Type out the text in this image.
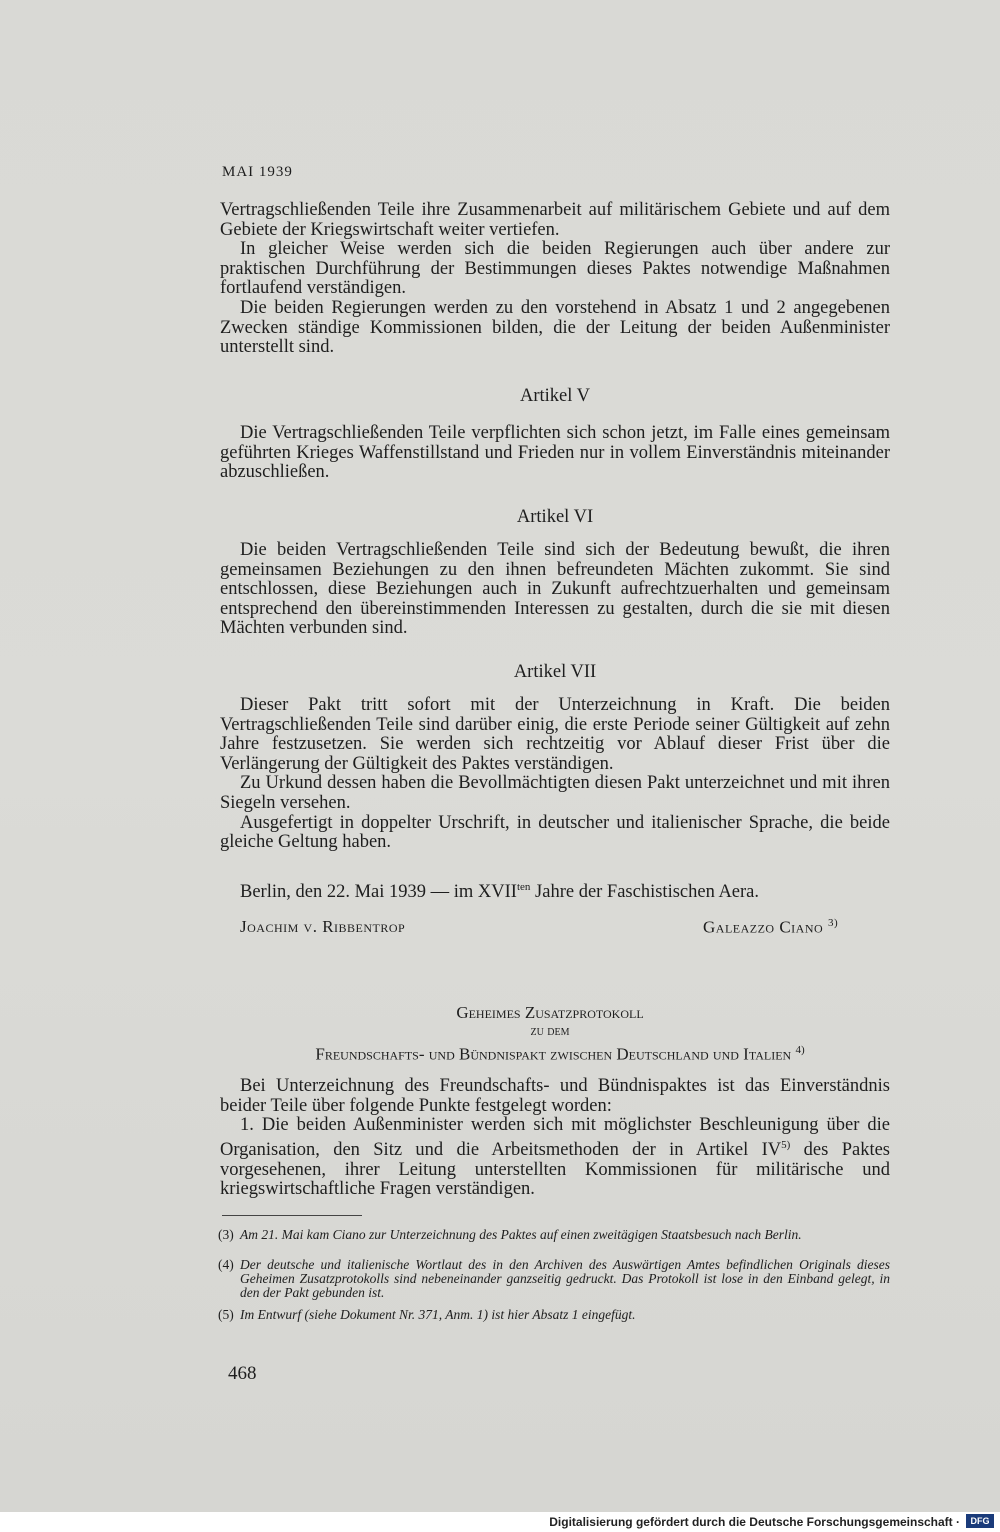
MAI 1939

Vertragschließenden Teile ihre Zusammenarbeit auf militärischem Gebiete und auf dem Gebiete der Kriegswirtschaft weiter vertiefen.

In gleicher Weise werden sich die beiden Regierungen auch über andere zur praktischen Durchführung der Bestimmungen dieses Paktes notwendige Maßnahmen fortlaufend verständigen.

Die beiden Regierungen werden zu den vorstehend in Absatz 1 und 2 angegebenen Zwecken ständige Kommissionen bilden, die der Leitung der beiden Außenminister unterstellt sind.

Artikel V

Die Vertragschließenden Teile verpflichten sich schon jetzt, im Falle eines gemeinsam geführten Krieges Waffenstillstand und Frieden nur in vollem Einverständnis miteinander abzuschließen.

Artikel VI

Die beiden Vertragschließenden Teile sind sich der Bedeutung bewußt, die ihren gemeinsamen Beziehungen zu den ihnen befreundeten Mächten zukommt. Sie sind entschlossen, diese Beziehungen auch in Zukunft aufrechtzuerhalten und gemeinsam entsprechend den übereinstimmenden Interessen zu gestalten, durch die sie mit diesen Mächten verbunden sind.

Artikel VII

Dieser Pakt tritt sofort mit der Unterzeichnung in Kraft. Die beiden Vertragschließenden Teile sind darüber einig, die erste Periode seiner Gültigkeit auf zehn Jahre festzusetzen. Sie werden sich rechtzeitig vor Ablauf dieser Frist über die Verlängerung der Gültigkeit des Paktes verständigen.

Zu Urkund dessen haben die Bevollmächtigten diesen Pakt unterzeichnet und mit ihren Siegeln versehen.

Ausgefertigt in doppelter Urschrift, in deutscher und italienischer Sprache, die beide gleiche Geltung haben.

Berlin, den 22. Mai 1939 — im $XVII^{ten}$ Jahre der Faschistischen Aera.

Joachim v. Ribbentrop	Galeazzo Ciano $^{3)}$
Geheimes Zusatzprotokoll
zu dem
Freundschafts- und Bündnispakt zwischen Deutschland und Italien $^{4)}$

Bei Unterzeichnung des Freundschafts- und Bündnispaktes ist das Einverständnis beider Teile über folgende Punkte festgelegt worden:

1. Die beiden Außenminister werden sich mit möglichster Beschleunigung über die Organisation, den Sitz und die Arbeitsmethoden der in Artikel IV$^{5)}$ des Paktes vorgesehenen, ihrer Leitung unterstellten Kommissionen für militärische und kriegswirtschaftliche Fragen verständigen.

(3) Am 21. Mai kam Ciano zur Unterzeichnung des Paktes auf einen zweitägigen Staatsbesuch nach Berlin.
(4) Der deutsche und italienische Wortlaut des in den Archiven des Auswärtigen Amtes befindlichen Originals dieses Geheimen Zusatzprotokolls sind nebeneinander ganzseitig gedruckt. Das Protokoll ist lose in den Einband gelegt, in den der Pakt gebunden ist.
(5) Im Entwurf (siehe Dokument Nr. 371, Anm. 1) ist hier Absatz 1 eingefügt.
468
Digitalisierung gefördert durch die Deutsche Forschungsgemeinschaft ·	DFG
